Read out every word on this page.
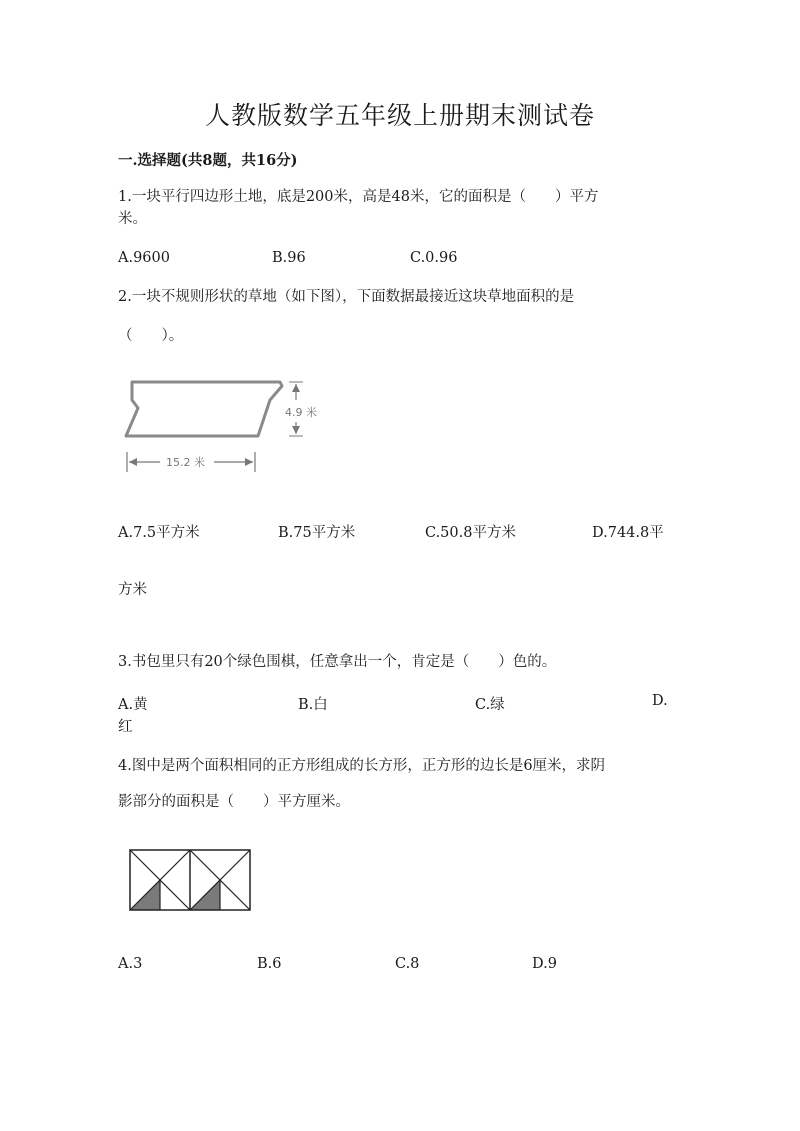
人教版数学五年级上册期末测试卷
一.选择题(共8题，共16分)
1.一块平行四边形土地，底是200米，高是48米，它的面积是（　　）平方
米。
A.9600	B.96	C.0.96
2.一块不规则形状的草地（如下图），下面数据最接近这块草地面积的是
（　　）。
4.9 米
15.2 米
A.7.5平方米	B.75平方米	C.50.8平方米	D.744.8平
方米
3.书包里只有20个绿色围棋，任意拿出一个，肯定是（　　）色的。
A.黄	B.白	C.绿	D.
红
4.图中是两个面积相同的正方形组成的长方形，正方形的边长是6厘米，求阴
影部分的面积是（　　）平方厘米。
A.3	B.6	C.8	D.9
